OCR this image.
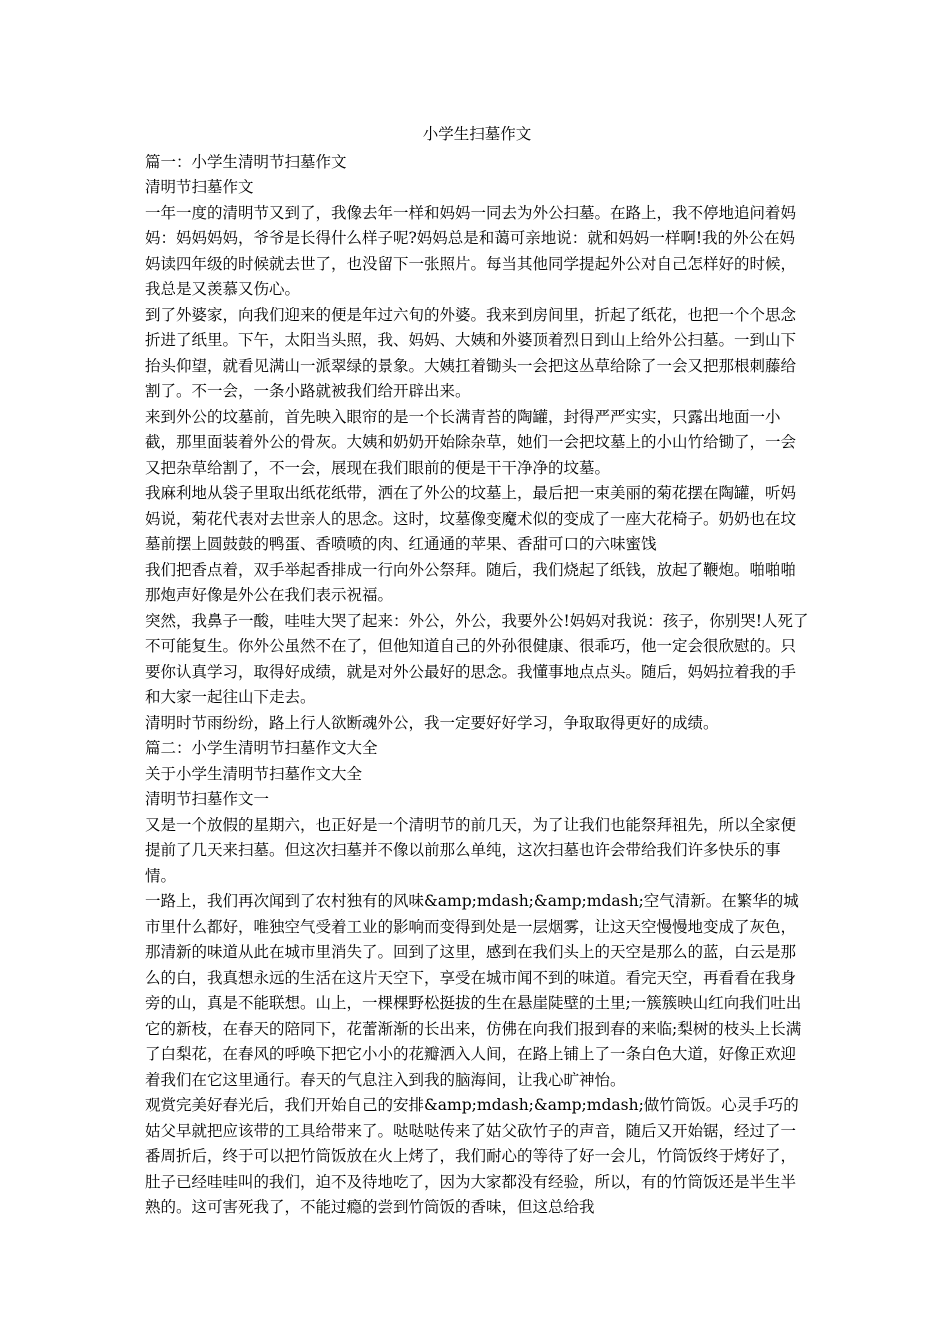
小学生扫墓作文

篇一：小学生清明节扫墓作文

清明节扫墓作文

一年一度的清明节又到了，我像去年一样和妈妈一同去为外公扫墓。在路上，我不停地追问着妈妈：妈妈妈妈，爷爷是长得什么样子呢?妈妈总是和蔼可亲地说：就和妈妈一样啊!我的外公在妈妈读四年级的时候就去世了，也没留下一张照片。每当其他同学提起外公对自己怎样好的时候，我总是又羡慕又伤心。

到了外婆家，向我们迎来的便是年过六旬的外婆。我来到房间里，折起了纸花，也把一个个思念折进了纸里。下午，太阳当头照，我、妈妈、大姨和外婆顶着烈日到山上给外公扫墓。一到山下抬头仰望，就看见满山一派翠绿的景象。大姨扛着锄头一会把这丛草给除了一会又把那根刺藤给割了。不一会，一条小路就被我们给开辟出来。

来到外公的坟墓前，首先映入眼帘的是一个长满青苔的陶罐，封得严严实实，只露出地面一小截，那里面装着外公的骨灰。大姨和奶奶开始除杂草，她们一会把坟墓上的小山竹给锄了，一会又把杂草给割了，不一会，展现在我们眼前的便是干干净净的坟墓。

我麻利地从袋子里取出纸花纸带，洒在了外公的坟墓上，最后把一束美丽的菊花摆在陶罐，听妈妈说，菊花代表对去世亲人的思念。这时，坟墓像变魔术似的变成了一座大花椅子。奶奶也在坟墓前摆上圆鼓鼓的鸭蛋、香喷喷的肉、红通通的苹果、香甜可口的六味蜜饯

我们把香点着，双手举起香排成一行向外公祭拜。随后，我们烧起了纸钱，放起了鞭炮。啪啪啪那炮声好像是外公在我们表示祝福。

突然，我鼻子一酸，哇哇大哭了起来：外公，外公，我要外公!妈妈对我说：孩子，你别哭!人死了不可能复生。你外公虽然不在了，但他知道自己的外孙很健康、很乖巧，他一定会很欣慰的。只要你认真学习，取得好成绩，就是对外公最好的思念。我懂事地点点头。随后，妈妈拉着我的手和大家一起往山下走去。

清明时节雨纷纷，路上行人欲断魂外公，我一定要好好学习，争取取得更好的成绩。

篇二：小学生清明节扫墓作文大全

关于小学生清明节扫墓作文大全

清明节扫墓作文一

又是一个放假的星期六，也正好是一个清明节的前几天，为了让我们也能祭拜祖先，所以全家便提前了几天来扫墓。但这次扫墓并不像以前那么单纯，这次扫墓也许会带给我们许多快乐的事情。

一路上，我们再次闻到了农村独有的风味&amp;mdash;&amp;mdash;空气清新。在繁华的城市里什么都好，唯独空气受着工业的影响而变得到处是一层烟雾，让这天空慢慢地变成了灰色，那清新的味道从此在城市里消失了。回到了这里，感到在我们头上的天空是那么的蓝，白云是那么的白，我真想永远的生活在这片天空下，享受在城市闻不到的味道。看完天空，再看看在我身旁的山，真是不能联想。山上，一棵棵野松挺拔的生在悬崖陡壁的土里;一簇簇映山红向我们吐出它的新枝，在春天的陪同下，花蕾渐渐的长出来，仿佛在向我们报到春的来临;梨树的枝头上长满了白梨花，在春风的呼唤下把它小小的花瓣洒入人间，在路上铺上了一条白色大道，好像正欢迎着我们在它这里通行。春天的气息注入到我的脑海间，让我心旷神怡。

观赏完美好春光后，我们开始自己的安排&amp;mdash;&amp;mdash;做竹筒饭。心灵手巧的姑父早就把应该带的工具给带来了。哒哒哒传来了姑父砍竹子的声音，随后又开始锯，经过了一番周折后，终于可以把竹筒饭放在火上烤了，我们耐心的等待了好一会儿，竹筒饭终于烤好了，肚子已经哇哇叫的我们，迫不及待地吃了，因为大家都没有经验，所以，有的竹筒饭还是半生半熟的。这可害死我了，不能过瘾的尝到竹筒饭的香味，但这总给我
